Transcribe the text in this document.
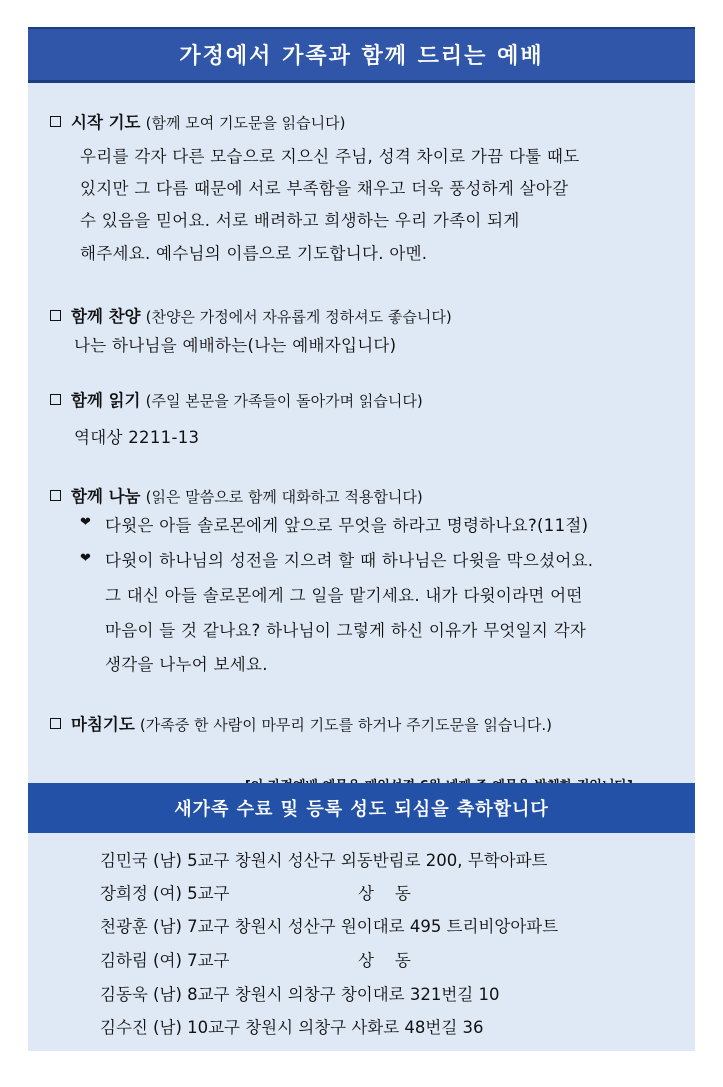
가정에서 가족과 함께 드리는 예배
시작 기도 (함께 모여 기도문을 읽습니다)
우리를 각자 다른 모습으로 지으신 주님, 성격 차이로 가끔 다툴 때도
있지만 그 다름 때문에 서로 부족함을 채우고 더욱 풍성하게 살아갈
수 있음을 믿어요. 서로 배려하고 희생하는 우리 가족이 되게
해주세요. 예수님의 이름으로 기도합니다. 아멘.
함께 찬양 (찬양은 가정에서 자유롭게 정하셔도 좋습니다)
나는 하나님을 예배하는(나는 예배자입니다)
함께 읽기 (주일 본문을 가족들이 돌아가며 읽습니다)
역대상 2211-13
함께 나눔 (읽은 말씀으로 함께 대화하고 적용합니다)
❤ 다윗은 아들 솔로몬에게 앞으로 무엇을 하라고 명령하나요?(11절)
❤ 다윗이 하나님의 성전을 지으려 할 때 하나님은 다윗을 막으셨어요.
그 대신 아들 솔로몬에게 그 일을 맡기세요. 내가 다윗이라면 어떤
마음이 들 것 같나요? 하나님이 그렇게 하신 이유가 무엇일지 각자
생각을 나누어 보세요.
마침기도 (가족중 한 사람이 마무리 기도를 하거나 주기도문을 읽습니다.)
새가족 수료 및 등록 성도 되심을 축하합니다
김민국 (남) 5교구 창원시 성산구 외동반림로 200, 무학아파트
장희정 (여) 5교구	상    동
천광훈 (남) 7교구 창원시 성산구 원이대로 495 트리비앙아파트
김하림 (여) 7교구	상    동
김동욱 (남) 8교구 창원시 의창구 창이대로 321번길 10
김수진 (남) 10교구 창원시 의창구 사화로 48번길 36
